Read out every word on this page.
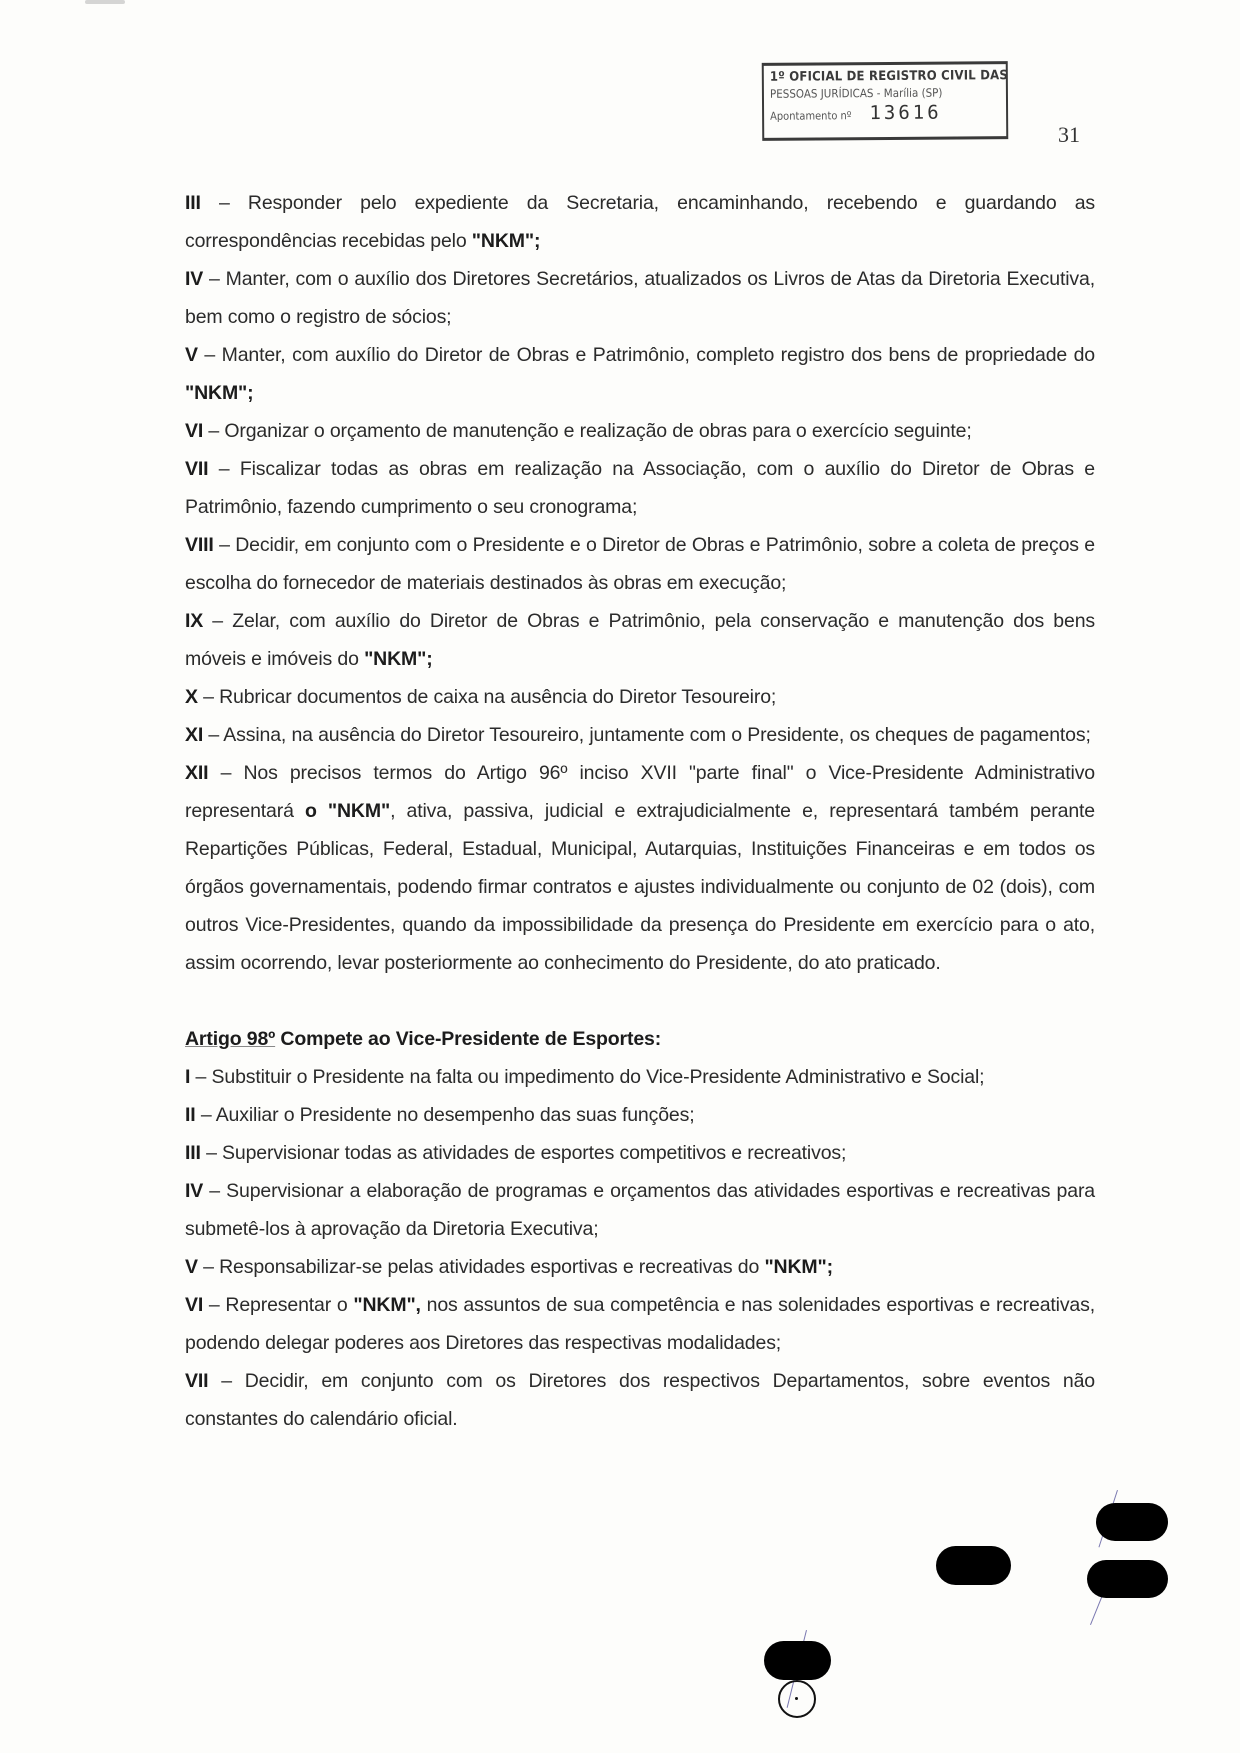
1º OFICIAL DE REGISTRO CIVIL DAS
PESSOAS JURÍDICAS - Marília (SP)
Apontamento nº 13616
31

III – Responder pelo expediente da Secretaria, encaminhando, recebendo e guardando as correspondências recebidas pelo "NKM";

IV – Manter, com o auxílio dos Diretores Secretários, atualizados os Livros de Atas da Diretoria Executiva, bem como o registro de sócios;

V – Manter, com auxílio do Diretor de Obras e Patrimônio, completo registro dos bens de propriedade do "NKM";

VI – Organizar o orçamento de manutenção e realização de obras para o exercício seguinte;

VII – Fiscalizar todas as obras em realização na Associação, com o auxílio do Diretor de Obras e Patrimônio, fazendo cumprimento o seu cronograma;

VIII – Decidir, em conjunto com o Presidente e o Diretor de Obras e Patrimônio, sobre a coleta de preços e escolha do fornecedor de materiais destinados às obras em execução;

IX – Zelar, com auxílio do Diretor de Obras e Patrimônio, pela conservação e manutenção dos bens móveis e imóveis do "NKM";

X – Rubricar documentos de caixa na ausência do Diretor Tesoureiro;

XI – Assina, na ausência do Diretor Tesoureiro, juntamente com o Presidente, os cheques de pagamentos;

XII – Nos precisos termos do Artigo 96º inciso XVII "parte final" o Vice-Presidente Administrativo representará o "NKM", ativa, passiva, judicial e extrajudicialmente e, representará também perante Repartições Públicas, Federal, Estadual, Municipal, Autarquias, Instituições Financeiras e em todos os órgãos governamentais, podendo firmar contratos e ajustes individualmente ou conjunto de 02 (dois), com outros Vice-Presidentes, quando da impossibilidade da presença do Presidente em exercício para o ato, assim ocorrendo, levar posteriormente ao conhecimento do Presidente, do ato praticado.

Artigo 98º Compete ao Vice-Presidente de Esportes:

I – Substituir o Presidente na falta ou impedimento do Vice-Presidente Administrativo e Social;

II – Auxiliar o Presidente no desempenho das suas funções;

III – Supervisionar todas as atividades de esportes competitivos e recreativos;

IV – Supervisionar a elaboração de programas e orçamentos das atividades esportivas e recreativas para submetê-los à aprovação da Diretoria Executiva;

V – Responsabilizar-se pelas atividades esportivas e recreativas do "NKM";

VI – Representar o "NKM", nos assuntos de sua competência e nas solenidades esportivas e recreativas, podendo delegar poderes aos Diretores das respectivas modalidades;

VII – Decidir, em conjunto com os Diretores dos respectivos Departamentos, sobre eventos não constantes do calendário oficial.
